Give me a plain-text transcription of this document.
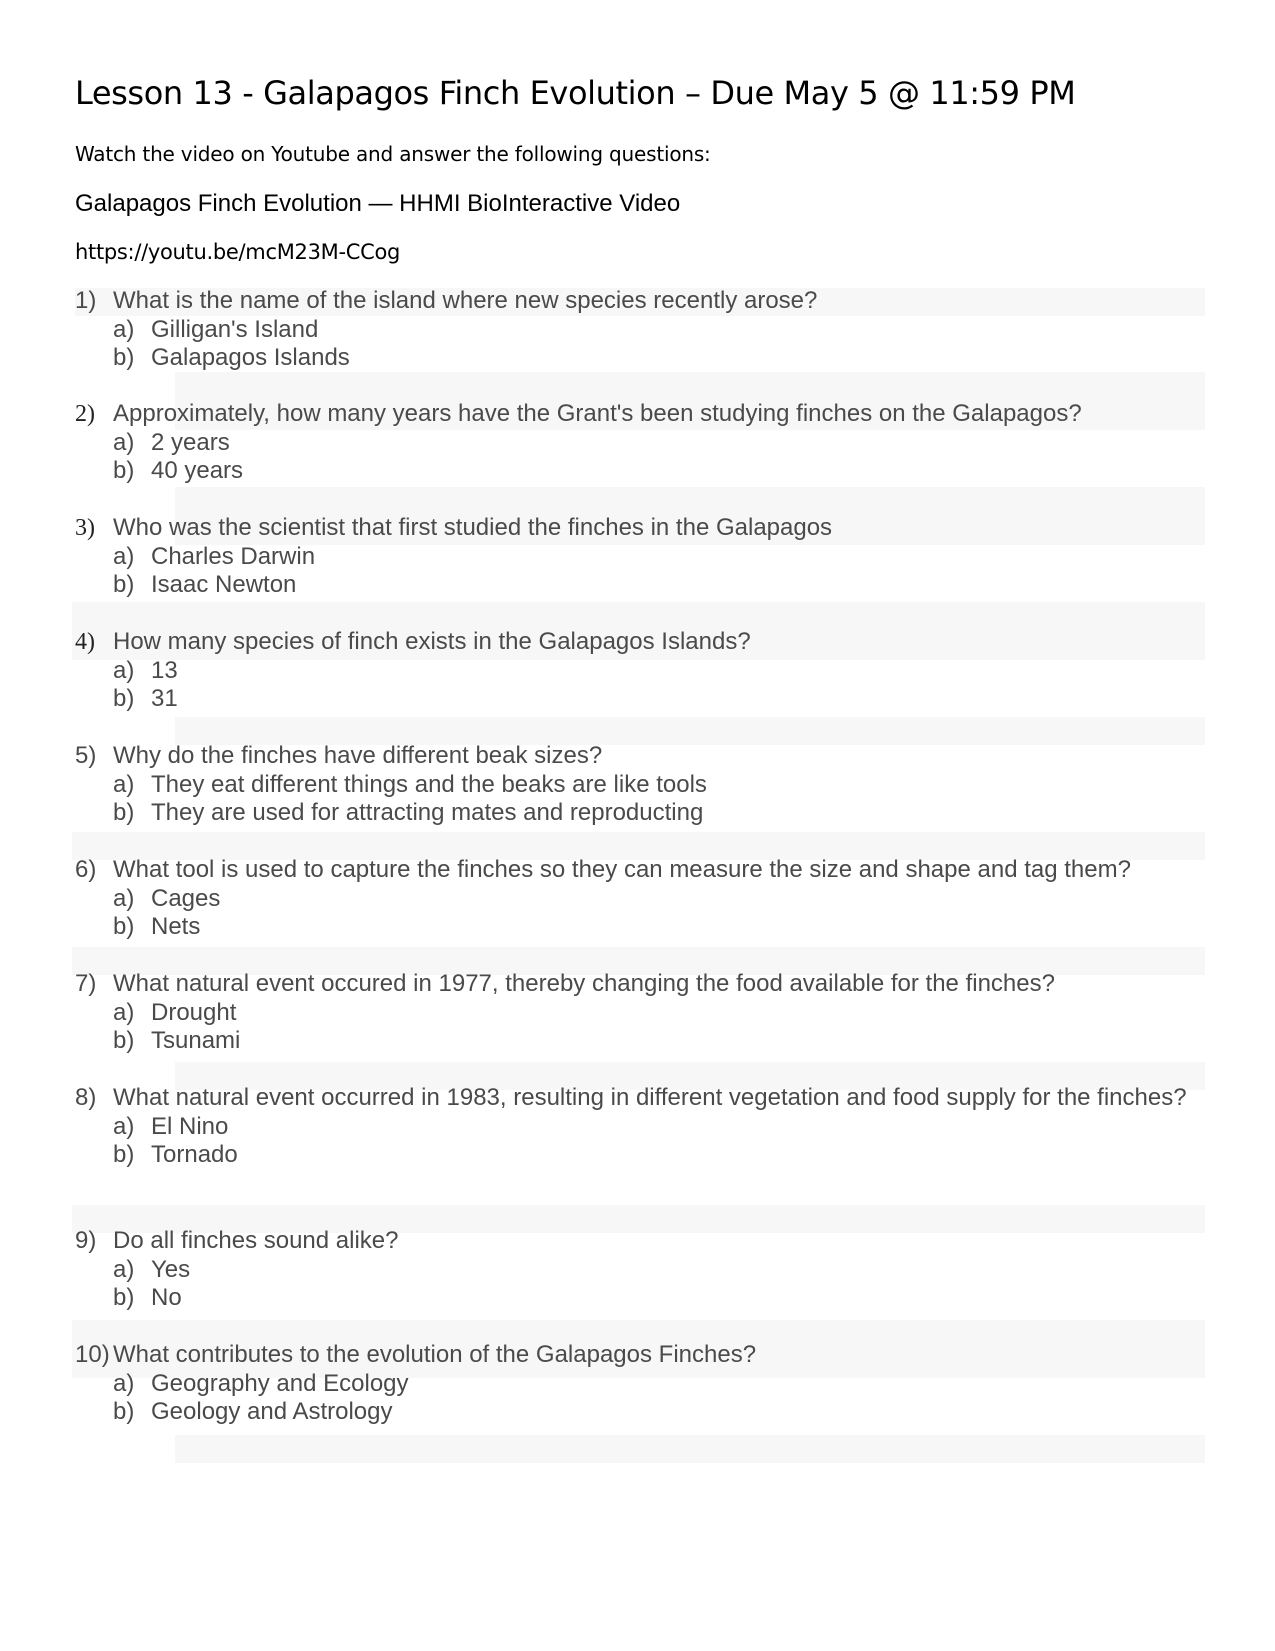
Lesson 13 - Galapagos Finch Evolution – Due May 5 @ 11:59 PM
Watch the video on Youtube and answer the following questions:
Galapagos Finch Evolution — HHMI BioInteractive Video
https://youtu.be/mcM23M-CCog
1) What is the name of the island where new species recently arose?
a) Gilligan's Island
b) Galapagos Islands
2) Approximately, how many years have the Grant's been studying finches on the Galapagos?
a) 2 years
b) 40 years
3) Who was the scientist that first studied the finches in the Galapagos
a) Charles Darwin
b) Isaac Newton
4) How many species of finch exists in the Galapagos Islands?
a) 13
b) 31
5) Why do the finches have different beak sizes?
a) They eat different things and the beaks are like tools
b) They are used for attracting mates and reproducting
6) What tool is used to capture the finches so they can measure the size and shape and tag them?
a) Cages
b) Nets
7) What natural event occured in 1977, thereby changing the food available for the finches?
a) Drought
b) Tsunami
8) What natural event occurred in 1983, resulting in different vegetation and food supply for the finches?
a) El Nino
b) Tornado
9) Do all finches sound alike?
a) Yes
b) No
10) What contributes to the evolution of the Galapagos Finches?
a) Geography and Ecology
b) Geology and Astrology
